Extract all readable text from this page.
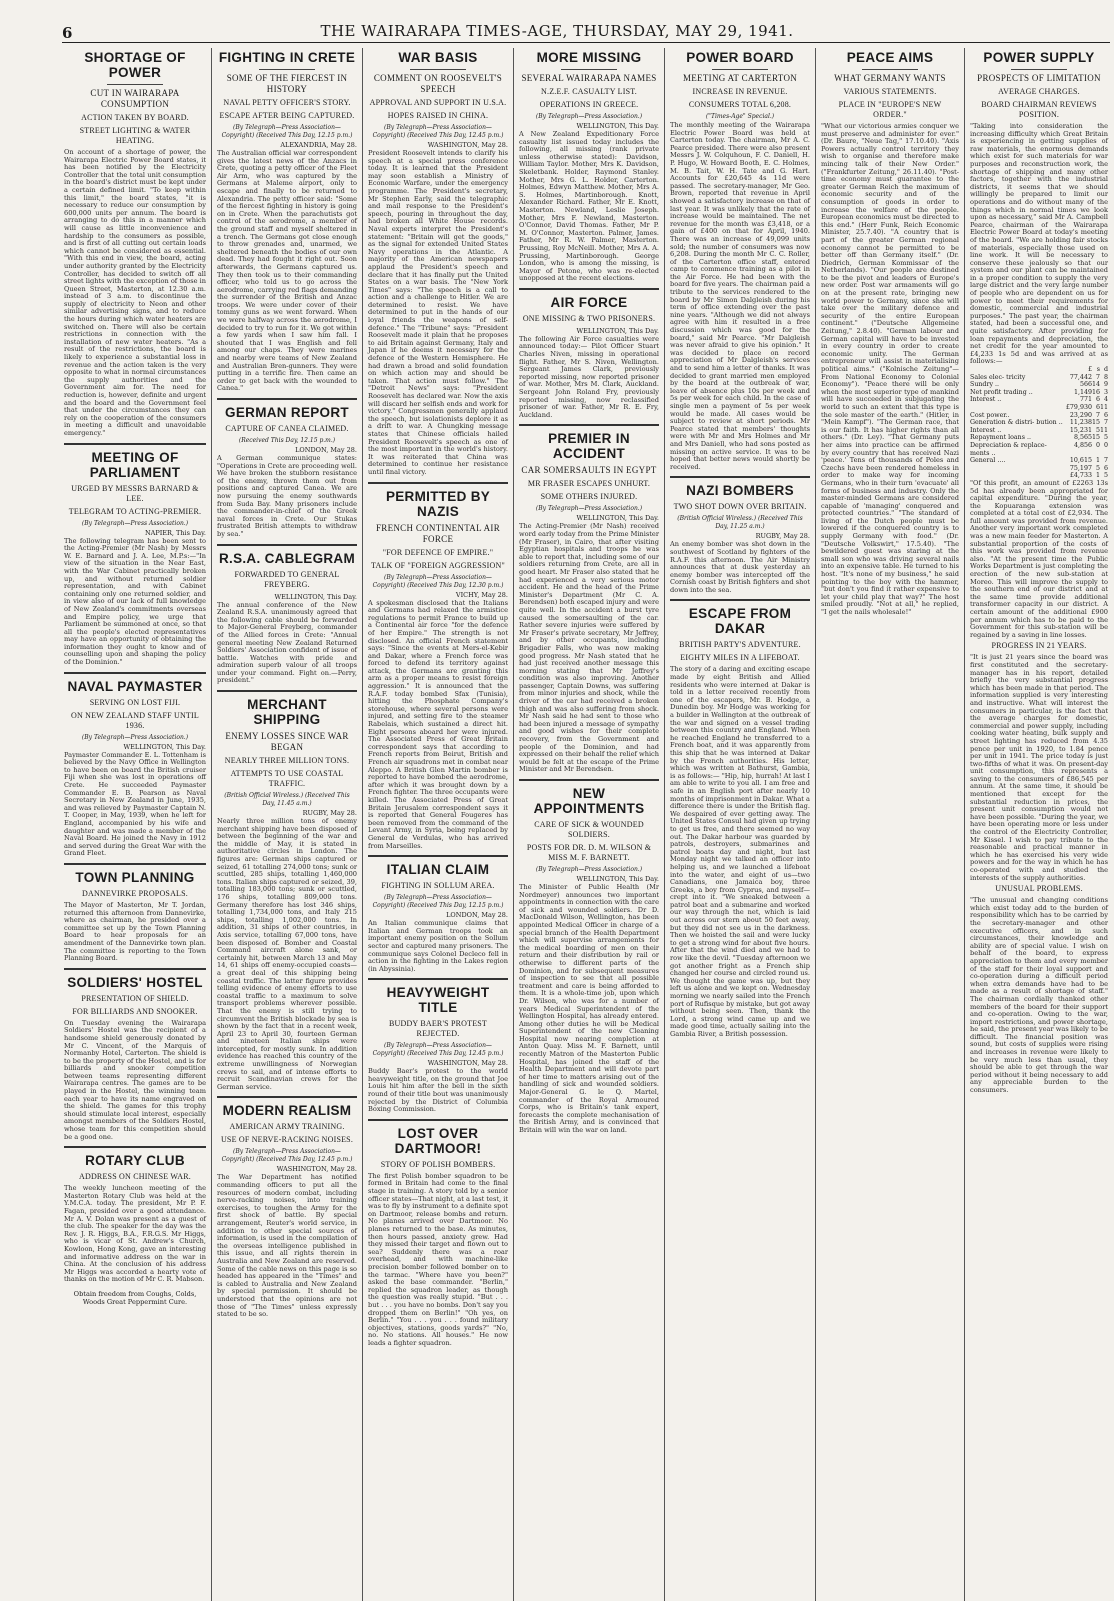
6	THE WAIRARAPA TIMES-AGE, THURSDAY, MAY 29, 1941.
SHORTAGE OF POWER
CUT IN WAIRARAPA CONSUMPTION
ACTION TAKEN BY BOARD.
STREET LIGHTING & WATER HEATING.

On account of a shortage of power, the Wairarapa Electric Power Board states, it has been notified by the Electricity Controller that the total unit consumption in the board's district must be kept under a certain defined limit. "To keep within this limit," the board states, "it is necessary to reduce our consumption by 600,000 units per annum. The board is arranging to do this in a manner which will cause as little inconvenience and hardship to the consumers as possible, and is first of all cutting out certain loads which cannot be considered as essential. "With this end in view, the board, acting under authority granted by the Electricity Controller, has decided to switch off all street lights with the exception of those in Queen Street, Masterton, at 12.30 a.m. instead of 3 a.m. to discontinue the supply of electricity to Neon and other similar advertising signs, and to reduce the hours during which water heaters are switched on. There will also be certain restrictions in connection with the installation of new water heaters. "As a result of the restrictions, the board is likely to experience a substantial loss in revenue and the action taken is the very opposite to what in normal circumstances the supply authorities and the Government aim for. The need for reduction is, however, definite and urgent and the board and the Government feel that under the circumstances they can rely on the cooperation of the consumers in meeting a difficult and unavoidable emergency."

MEETING OF PARLIAMENT
URGED BY MESSRS BARNARD & LEE.
TELEGRAM TO ACTING-PREMIER.
(By Telegraph—Press Association.)
NAPIER, This Day.

The following telegram has been sent to the Acting-Premier (Mr Nash) by Messrs W. E. Barnard and J. A. Lee, M.P.s:—"In view of the situation in the Near East, with the War Cabinet practically broken up, and without returned soldier representation, and with Cabinet containing only one returned soldier, and in view also of our lack of full knowledge of New Zealand's commitments overseas and Empire policy, we urge that Parliament be summoned at once, so that all the people's elected representatives may have an opportunity of obtaining the information they ought to know and of counselling upon and shaping the policy of the Dominion."

NAVAL PAYMASTER
SERVING ON LOST FIJI.
ON NEW ZEALAND STAFF UNTIL 1936.
(By Telegraph—Press Association.)
WELLINGTON, This Day.

Paymaster Commander E. L. Tottenham is believed by the Navy Office in Wellington to have been on board the British cruiser Fiji when she was lost in operations off Crete. He succeeded Paymaster Commander E. B. Pearson as Naval Secretary in New Zealand in June, 1935, and was relieved by Paymaster Captain N. T. Cooper, in May, 1939, when he left for England, accompanied by his wife and daughter and was made a member of the Naval Board. He joined the Navy in 1912 and served during the Great War with the Grand Fleet.

TOWN PLANNING
DANNEVIRKE PROPOSALS.

The Mayor of Masterton, Mr T. Jordan, returned this afternoon from Dannevirke, where as chairman, he presided over a committee set up by the Town Planning Board to hear proposals for an amendment of the Dannevirke town plan. The committee is reporting to the Town Planning Board.

SOLDIERS' HOSTEL
PRESENTATION OF SHIELD.
FOR BILLIARDS AND SNOOKER.

On Tuesday evening the Wairarapa Soldiers' Hostel was the recipient of a handsome shield generously donated by Mr C. Vincent, of the Marquis of Normanby Hotel, Carterton. The shield is to be the property of the Hostel, and is for billiards and snooker competition between teams representing different Wairarapa centres. The games are to be played in the Hostel, the winning team each year to have its name engraved on the shield. The games for this trophy should stimulate local interest, especially amongst members of the Soldiers Hostel, whose team for this competition should be a good one.

ROTARY CLUB
ADDRESS ON CHINESE WAR.

The weekly luncheon meeting of the Masterton Rotary Club was held at the Y.M.C.A. today. The president, Mr P. F. Fagan, presided over a good attendance. Mr A. V. Dolan was present as a guest of the club. The speaker for the day was the Rev. J. R. Higgs, B.A., F.R.G.S. Mr Higgs, who is vicar of St. Andrew's Church, Kowloon, Hong Kong, gave an interesting and informative address on the war in China. At the conclusion of his address Mr Higgs was accorded a hearty vote of thanks on the motion of Mr C. R. Mabson.

Obtain freedom from Coughs, Colds, Woods Great Peppermint Cure.
FIGHTING IN CRETE
SOME OF THE FIERCEST IN HISTORY
NAVAL PETTY OFFICER'S STORY.
ESCAPE AFTER BEING CAPTURED.
(By Telegraph—Press Association—Copyright) (Received This Day, 12.15 p.m.)
ALEXANDRIA, May 28.

The Australian official war correspondent gives the latest news of the Anzacs in Crete, quoting a petty officer of the Fleet Air Arm, who was captured by the Germans at Maleme airport, only to escape and finally to be returned to Alexandria. The petty officer said: "Some of the fiercest fighting in history is going on in Crete. When the parachutists got control of the aerodrome, a member of the ground staff and myself sheltered in a trench. The Germans got close enough to throw grenades and, unarmed, we sheltered beneath the bodies of our own dead. They had fought it right out. Soon afterwards, the Germans captured us. They then took us to their commanding officer, who told us to go across the aerodrome, carrying red flags demanding the surrender of the British and Anzac troops. We were under cover of their tommy guns as we went forward. When we were halfway across the aerodrome, I decided to try to run for it. We got within a few yards when I saw him fall. I shouted that I was English and fell among our chaps. They were marines and nearby were teams of New Zealand and Australian Bren-gunners. They were putting in a terrific fire. Then came an order to get back with the wounded to Canea."

GERMAN REPORT
CAPTURE OF CANEA CLAIMED.
(Received This Day, 12.15 p.m.)
LONDON, May 28.

A German communique states: "Operations in Crete are proceeding well. We have broken the stubborn resistance of the enemy, thrown them out from positions and captured Canea. We are now pursuing the enemy southwards from Suda Bay. Many prisoners include the commander-in-chief of the Greek naval forces in Crete. Our Stukas frustrated British attempts to withdraw by sea."

R.S.A. CABLEGRAM
FORWARDED TO GENERAL FREYBERG.
WELLINGTON, This Day.

The annual conference of the New Zealand R.S.A. unanimously agreed that the following cable should be forwarded to Major-General Freyberg, commander of the Allied forces in Crete: "Annual general meeting New Zealand Returned Soldiers' Association confident of issue of battle. Watches with pride and admiration superb valour of all troops under your command. Fight on.—Perry, president."

MERCHANT SHIPPING
ENEMY LOSSES SINCE WAR BEGAN
NEARLY THREE MILLION TONS.
ATTEMPTS TO USE COASTAL TRAFFIC.
(British Official Wireless.) (Received This Day, 11.45 a.m.)
RUGBY, May 28.

Nearly three million tons of enemy merchant shipping have been disposed of between the beginning of the war and the middle of May, it is stated in authoritative circles in London. The figures are: German ships captured or seized, 61 totalling 274,000 tons; sunk or scuttled, 285 ships, totalling 1,460,000 tons. Italian ships captured or seized, 39, totalling 183,000 tons; sunk or scuttled, 176 ships, totalling 809,000 tons. Germany therefore has lost 346 ships, totalling 1,734,000 tons, and Italy 215 ships, totalling 1,002,000 tons. In addition, 31 ships of other countries, in Axis service, totalling 67,000 tons, have been disposed of. Bomber and Coastal Command aircraft alone sank, or certainly hit, between March 13 and May 14, 61 ships off enemy-occupied coasts—a great deal of this shipping being coastal traffic. The latter figure provides telling evidence of enemy efforts to use coastal traffic to a maximum to solve transport problems wherever possible. That the enemy is still trying to circumvent the British blockade by sea is shown by the fact that in a recent week, April 23 to April 30, fourteen German and nineteen Italian ships were intercepted, for mostly sunk. In addition evidence has reached this country of the extreme unwillingness of Norwegian crews to sail, and of intense efforts to recruit Scandinavian crews for the German service.

MODERN REALISM
AMERICAN ARMY TRAINING.
USE OF NERVE-RACKING NOISES.
(By Telegraph—Press Association—Copyright) (Received This Day, 12.45 p.m.)
WASHINGTON, May 28.

The War Department has notified commanding officers to put all the resources of modern combat, including nerve-racking noises, into training exercises, to toughen the Army for the first shock of battle. By special arrangement, Reuter's world service, in addition to other special sources of information, is used in the compilation of the overseas intelligence published in this issue, and all rights therein in Australia and New Zealand are reserved. Some of the cable news on this page is so headed has appeared in the "Times" and is cabled to Australia and New Zealand by special permission. It should be understood that the opinions are not those of "The Times" unless expressly stated to be so.

WAR BASIS
COMMENT ON ROOSEVELT'S SPEECH
APPROVAL AND SUPPORT IN U.S.A.
HOPES RAISED IN CHINA.
(By Telegraph—Press Association—Copyright) (Received This Day, 12.45 p.m.)
WASHINGTON, May 28.

President Roosevelt intends to clarify his speech at a special press conference today. It is learned that the President may soon establish a Ministry of Economic Warfare, under the emergency programme. The President's secretary, Mr Stephen Early, said the telegraphic and mail response to the President's speech, pouring in throughout the day, had broken all White House records. Naval experts interpret the President's statement: "Britain will get the goods," as the signal for extended United States Navy operations in the Atlantic. A majority of the American newspapers applaud the President's speech and declare that it has finally put the United States on a war basis. The "New York Times" says: "The speech is a call to action and a challenge to Hitler. We are determined to resist. We have determined to put in the hands of our loyal friends the weapons of self-defence." The "Tribune" says: "President Roosevelt made it plain that he proposes to aid Britain against Germany, Italy and Japan if he deems it necessary for the defence of the Western Hemisphere. He had drawn a broad and solid foundation on which action may and should be taken. That action must follow." The "Detroit News" says: "President Roosevelt has declared war. Now the axis will discard her selfish ends and work for victory." Congressmen generally applaud the speech, but isolationists deplore it as a drift to war. A Chungking message states that Chinese officials hailed President Roosevelt's speech as one of the most important in the world's history. It was reiterated that China was determined to continue her resistance until final victory.

PERMITTED BY NAZIS
FRENCH CONTINENTAL AIR FORCE
"FOR DEFENCE OF EMPIRE."
TALK OF "FOREIGN AGGRESSION"
(By Telegraph—Press Association—Copyright) (Received This Day, 12.30 p.m.)
VICHY, May 28.

A spokesman disclosed that the Italians and Germans had relaxed the armistice regulations to permit France to build up a Continental air force "for the defence of her Empire." The strength is not disclosed. An official French statement says: "Since the events at Mers-el-Kebir and Dakar, where a French force was forced to defend its territory against attack, the Germans are granting this arm as a proper means to resist foreign aggression." It is announced that the R.A.F. today bombed Sfax (Tunisia), hitting the Phosphate Company's storehouse, where several persons were injured, and setting fire to the steamer Rabelais, which sustained a direct hit. Eight persons aboard her were injured. The Associated Press of Great Britain correspondent says that according to French reports from Beirut, British and French air squadrons met in combat near Aleppo. A British Glen Martin bomber is reported to have bombed the aerodrome, after which it was brought down by a French fighter. The three occupants were killed. The Associated Press of Great Britain Jerusalem correspondent says it is reported that General Fougeres has been removed from the command of the Levant Army, in Syria, being replaced by General de Verdulas, who has arrived from Marseilles.

ITALIAN CLAIM
FIGHTING IN SOLLUM AREA.
(By Telegraph—Press Association—Copyright) (Received This Day, 12.15 p.m.)
LONDON, May 28.

An Italian communique claims that Italian and German troops took an important enemy position on the Sollum sector and captured many prisoners. The communique says Colonel Decleco fell in action in the fighting in the Lakes region (in Abyssinia).

HEAVYWEIGHT TITLE
BUDDY BAER'S PROTEST REJECTED.
(By Telegraph—Press Association—Copyright) (Received This Day, 12.45 p.m.)
WASHINGTON, May 28.

Buddy Baer's protest to the world heavyweight title, on the ground that Joe Louis hit him after the bell in the sixth round of their title bout was unanimously rejected by the District of Columbia Boxing Commission.

LOST OVER DARTMOOR!
STORY OF POLISH BOMBERS.

The first Polish bomber squadron to be formed in Britain had come to the final stage in training. A story told by a senior officer states—That night, at a last test, it was to fly by instrument to a definite spot on Dartmoor, release bombs and return. No planes arrived over Dartmoor. No planes returned to the base. As minutes, then hours passed, anxiety grew. Had they missed their target and flown out to sea? Suddenly there was a roar overhead, and with machine-like precision bomber followed bomber on to the tarmac. "Where have you been?" asked the base commander. "Berlin," replied the squadron leader, as though the question was really stupid. "But . . . but . . . you have no bombs. Don't say you dropped them on Berlin!" "Oh yes, on Berlin." "You . . . you . . . found military objectives, stations, goods yards?" "No, no. No stations. All houses." He now leads a fighter squadron.

MORE MISSING
SEVERAL WAIRARAPA NAMES
N.Z.E.F. CASUALTY LIST.
OPERATIONS IN GREECE.
(By Telegraph—Press Association.)
WELLINGTON, This Day.

A New Zealand Expeditionary Force casualty list issued today includes the following, all missing (rank private unless otherwise stated): Davidson, William Taylor. Mother, Mrs K. Davidson, Skeletbank. Holder, Raymond Stanley. Mother, Mrs G. L. Holder, Carterton. Holmes, Edwyn Matthew. Mother, Mrs A. S. Holmes, Martinborough. Knott, Alexander Richard. Father, Mr E. Knott, Masterton. Newland, Leslie Joseph. Mother, Mrs F. Newland, Masterton. O'Connor, David Thomas. Father, Mr P. M. O'Connor, Masterton. Palmer, James. Father, Mr R. W. Palmer, Masterton. Prussing, Roy McNeill. Mother, Mrs A. A. Prussing, Martinborough. George London, who is among the missing, is Mayor of Petone, who was re-elected unopposed at the recent elections.

AIR FORCE
ONE MISSING & TWO PRISONERS.
WELLINGTON, This Day.

The following Air Force casualties were announced today:— Pilot Officer Stuart Charles Niven, missing in operational flight. Father, Mr S. Niven, Wellington. Sergeant James Clark, previously reported missing, now reported prisoner of war. Mother, Mrs M. Clark, Auckland. Sergeant John Roland Fry, previously reported missing, now reclassified prisoner of war. Father, Mr R. E. Fry, Auckland.

PREMIER IN ACCIDENT
CAR SOMERSAULTS IN EGYPT
MR FRASER ESCAPES UNHURT.
SOME OTHERS INJURED.
(By Telegraph—Press Association.)
WELLINGTON, This Day.

The Acting-Premier (Mr Nash) received word early today from the Prime Minister (Mr Fraser), in Cairo, that after visiting Egyptian hospitals and troops he was able to report that, including some of our soldiers returning from Crete, are all in good heart. Mr Fraser also stated that he had experienced a very serious motor accident. He and the head of the Prime Minister's Department (Mr C. A. Berendsen) both escaped injury and were quite well. In the accident a burst tyre caused the somersaulting of the car. Rather severe injuries were suffered by Mr Fraser's private secretary, Mr Jeffrey, and by other occupants, including Brigadier Falls, who was now making good progress. Mr Nash stated that he had just received another message this morning stating that Mr Jeffrey's condition was also improving. Another passenger, Captain Downs, was suffering from minor injuries and shock, while the driver of the car had received a broken thigh and was also suffering from shock. Mr Nash said he had sent to those who had been injured a message of sympathy and good wishes for their complete recovery, from the Government and people of the Dominion, and had expressed on their behalf the relief which would be felt at the escape of the Prime Minister and Mr Berendsen.

NEW APPOINTMENTS
CARE OF SICK & WOUNDED SOLDIERS.
POSTS FOR DR. D. M. WILSON & MISS M. F. BARNETT.
(By Telegraph—Press Association.)
WELLINGTON, This Day.

The Minister of Public Health (Mr Nordmeyer) announces two important appointments in connection with the care of sick and wounded soldiers. Dr D. MacDonald Wilson, Wellington, has been appointed Medical Officer in charge of a special branch of the Health Department which will supervise arrangements for the medical boarding of men on their return and their distribution by rail or otherwise to different parts of the Dominion, and for subsequent measures of inspection to see that all possible treatment and care is being afforded to them. It is a whole-time job, upon which Dr. Wilson, who was for a number of years Medical Superintendent of the Wellington Hospital, has already entered. Among other duties he will be Medical Superintendent of the new Cleaning Hospital now nearing completion at Anton Quay. Miss M. F. Barnett, until recently Matron of the Masterton Public Hospital, has joined the staff of the Health Department and will devote part of her time to matters arising out of the handling of sick and wounded soldiers. Major-General G. le Q. Martel, commander of the Royal Armoured Corps, who is Britain's tank expert, forecasts the complete mechanisation of the British Army, and is convinced that Britain will win the war on land.

POWER BOARD
MEETING AT CARTERTON
INCREASE IN REVENUE.
CONSUMERS TOTAL 6,208.
("Times-Age" Special.)

The monthly meeting of the Wairarapa Electric Power Board was held at Carterton today. The chairman, Mr A. C. Pearce presided. There were also present Messrs J. W. Colquhoun, F. C. Daniell, H. P. Hugo, W. Howard Booth, E. C. Holmes, M. B. Tait, W. H. Tate and G. Hart. Accounts for £20,645 4s 11d were passed. The secretary-manager, Mr Geo. Brown, reported that revenue in April showed a satisfactory increase on that of last year. It was unlikely that the rate of increase would be maintained. The net revenue for the month was £3,418, or a gain of £400 on that for April, 1940. There was an increase of 49,099 units sold; the number of consumers was now 6,208. During the month Mr C. C. Roller, of the Carterton office staff, entered camp to commence training as a pilot in the Air Force. He had been with the board for five years. The chairman paid a tribute to the services rendered to the board by Mr Simon Dalgleish during his term of office extending over the past nine years. "Although we did not always agree with him it resulted in a free discussion which was good for the board," said Mr Pearce. "Mr Dalgleish was never afraid to give his opinion." It was decided to place on record appreciation of Mr Dalgleish's services and to send him a letter of thanks. It was decided to grant married men employed by the board at the outbreak of war, leave of absence plus 10s per week and 5s per week for each child. In the case of single men a payment of 5s per week would be made. All cases would be subject to review at short periods. Mr Pearce stated that members' thoughts were with Mr and Mrs Holmes and Mr and Mrs Daniell, who had sons posted as missing on active service. It was to be hoped that better news would shortly be received.

NAZI BOMBERS
TWO SHOT DOWN OVER BRITAIN.
(British Official Wireless.) (Received This Day, 11.25 a.m.)
RUGBY, May 28.

An enemy bomber was shot down in the southwest of Scotland by fighters of the R.A.F. this afternoon. The Air Ministry announces that at dusk yesterday an enemy bomber was intercepted off the Cornish coast by British fighters and shot down into the sea.

ESCAPE FROM DAKAR
BRITISH PARTY'S ADVENTURE.
EIGHTY MILES IN A LIFEBOAT.

The story of a daring and exciting escape made by eight British and Allied residents who were interned at Dakar is told in a letter received recently from one of the escapers, Mr. B. Hodge, a Dunedin boy. Mr Hodge was working for a builder in Wellington at the outbreak of the war and signed on a vessel trading between this country and England. When he reached England he transferred to a French boat, and it was apparently from this ship that he was interned at Dakar by the French authorities. His letter, which was written at Bathurst, Gambia, is as follows:— "Hip, hip, hurrah! At last I am able to write to you all. I am free and safe in an English port after nearly 10 months of imprisonment in Dakar. What a difference there is under the British flag. We despaired of ever getting away. The United States Consul had given up trying to get us free, and there seemed no way out. The Dakar harbour was guarded by patrols, destroyers, submarines and patrol boats day and night, but last Monday night we talked an officer into helping us, and we launched a lifeboat into the water, and eight of us—two Canadians, one Jamaica boy, three Greeks, a boy from Cyprus, and myself—crept into it. "We sneaked between a patrol boat and a submarine and worked our way through the net, which is laid out across our stern about 50 feet away, but they did not see us in the darkness. Then we hoisted the sail and were lucky to get a strong wind for about five hours. After that the wind died and we had to row like the devil. "Tuesday afternoon we got another fright as a French ship changed her course and circled round us. We thought the game was up, but they left us alone and we kept on. Wednesday morning we nearly sailed into the French port of Rufisque by mistake, but got away without being seen. Then, thank the Lord, a strong wind came up and we made good time, actually sailing into the Gambia River, a British possession.

PEACE AIMS
WHAT GERMANY WANTS
VARIOUS STATEMENTS.
PLACE IN "EUROPE'S NEW ORDER."

"What our victorious armies conquer we must preserve and administer for ever." (Dr. Baure, "Neue Tag," 17.10.40). "Axis Powers actually control territory they wish to organise and therefore make mincing talk of their New Order." ("Frankfurter Zeitung," 26.11.40). "Post-time economy must guarantee to the greater German Reich the maximum of economic security and of the consumption of goods in order to increase the welfare of the people. European economics must be directed to this end." (Herr Funk, Reich Economic Minister, 25.7.40). "A country that is part of the greater German regional economy cannot be permitted to be better off than Germany itself." (Dr. Diedrich, German Kommissar of the Netherlands). "Our people are destined to be the pivot and leaders of Europe's new order. Post war armaments will go on at the present rate, bringing new world power to Germany, since she will take over the military defence and security of the entire European continent." ("Deutsche Allgemeine Zeitung," 2.8.40). "German labour and German capital will have to be invested in every country in order to create economic unity. The German entrepreneur will assist in materialising political aims." ("Kolnische Zeitung"—From National Economy to Colonial Economy"). "Peace there will be only when the most superior type of mankind will have succeeded in subjugating the world to such an extent that this type is the sole master of the earth." (Hitler, in "Mein Kampf"). "The German race, that is our faith. It has higher rights than all others." (Dr. Ley). "That Germany puts her aims into practice can be affirmed by every country that has received Nazi 'peace.' Tens of thousands of Poles and Czechs have been rendered homeless in order to make way for incoming Germans, who in their turn 'evacuate' all forms of business and industry. Only the master-minded Germans are considered capable of 'managing' conquered and protected countries." "The standard of living of the Dutch people must be lowered if the conquered country is to supply Germany with food." (Dr. "Deutsche Volkswirt," 17.5.40). "The bewildered guest was staring at the small son who was driving several nails into an expensive table. He turned to his host. "It's none of my business," he said pointing to the boy with the hammer, "but don't you find it rather expensive to let your child play that way?" The host smiled proudly. "Not at all," he replied, "I get the nails wholesale!"

POWER SUPPLY
PROSPECTS OF LIMITATION
AVERAGE CHARGES.
BOARD CHAIRMAN REVIEWS POSITION.

"Taking into consideration the increasing difficulty which Great Britain is experiencing in getting supplies of raw materials, the enormous demands which exist for such materials for war purposes and reconstruction work, the shortage of shipping and many other factors, together with the industrial districts, it seems that we should willingly be prepared to limit our operations and do without many of the things which in normal times we look upon as necessary," said Mr A. Campbell Pearce, chairman of the Wairarapa Electric Power Board at today's meeting of the board. "We are holding fair stocks of materials, especially those used on line work. It will be necessary to conserve these jealously so that our system and our plant can be maintained in a proper condition to supply the very large district and the very large number of people who are dependent on us for power to meet their requirements for domestic, commercial and industrial purposes." The past year, the chairman stated, had been a successful one, and quite satisfactory. After providing for loan repayments and depreciation, the net credit for the year amounted to £4,233 1s 5d and was arrived at as follows:—

	£	s	d
Sales elec- tricity	77,442	7	8
Sundry ..	566	14	9
Net profit trading ..	1,149	16	3
Interest ..	771	6	4
	£79,930	6	11
Cost power..	23,290	7	6
Generation & distri- bution ..	11,238	15	7
Interest ..	15,231	5	11
Repayment loans ..	8,565	15	5
Depreciation & replace- ments ..	4,856	0	0
General ....	10,615	1	7
	75,197	5	6
	£4,733	1	5

"Of this profit, an amount of £2263 13s 5d has already been appropriated for capital expenditure. "During the year, the Kopuaranga extension was completed at a total cost of £2,934. The full amount was provided from revenue. Another very important work completed was a new main feeder for Masterton. A substantial proportion of the costs of this work was provided from revenue also. "At the present time the Public Works Department is just completing the erection of the new sub-station at Moreo. This will improve the supply to the southern end of our district and at the same time provide additional transformer capacity in our district. A certain amount of the additional £900 per annum which has to be paid to the Government for this sub-station will be regained by a saving in line losses.

PROGRESS IN 21 YEARS.

"It is just 21 years since the board was first constituted and the secretary-manager has in his report, detailed briefly the very substantial progress which has been made in that period. The information supplied is very interesting and instructive. What will interest the consumers in particular, is the fact that the average charges for domestic, commercial and power supply, including cooking water heating, bulk supply and street lighting has reduced from 4.35 pence per unit in 1920, to 1.84 pence per unit in 1941. The price today is just two-fifths of what it was. On present-day unit consumption, this represents a saving to the consumers of £86,545 per annum. At the same time, it should be mentioned that except for the substantial reduction in prices, the present unit consumption would not have been possible. "During the year, we have been operating more or less under the control of the Electricity Controller, Mr Kissel. I wish to pay tribute to the reasonable and practical manner in which he has exercised his very wide powers and for the way in which he has co-operated with and studied the interests of the supply authorities.

UNUSUAL PROBLEMS.

"The unusual and changing conditions which exist today add to the burden of responsibility which has to be carried by the secretary-manager and other executive officers, and in such circumstances, their knowledge and ability are of special value. I wish on behalf of the board, to express appreciation to them and every member of the staff for their loyal support and co-operation during a difficult period when extra demands have had to be made as a result of shortage of staff." The chairman cordially thanked other members of the board for their support and co-operation. Owing to the war, import restrictions, and power shortage, he said, the present year was likely to be difficult. The financial position was sound, but costs of supplies were rising and increases in revenue were likely to be very much less than usual, they should be able to get through the war period without it being necessary to add any appreciable burden to the consumers.
